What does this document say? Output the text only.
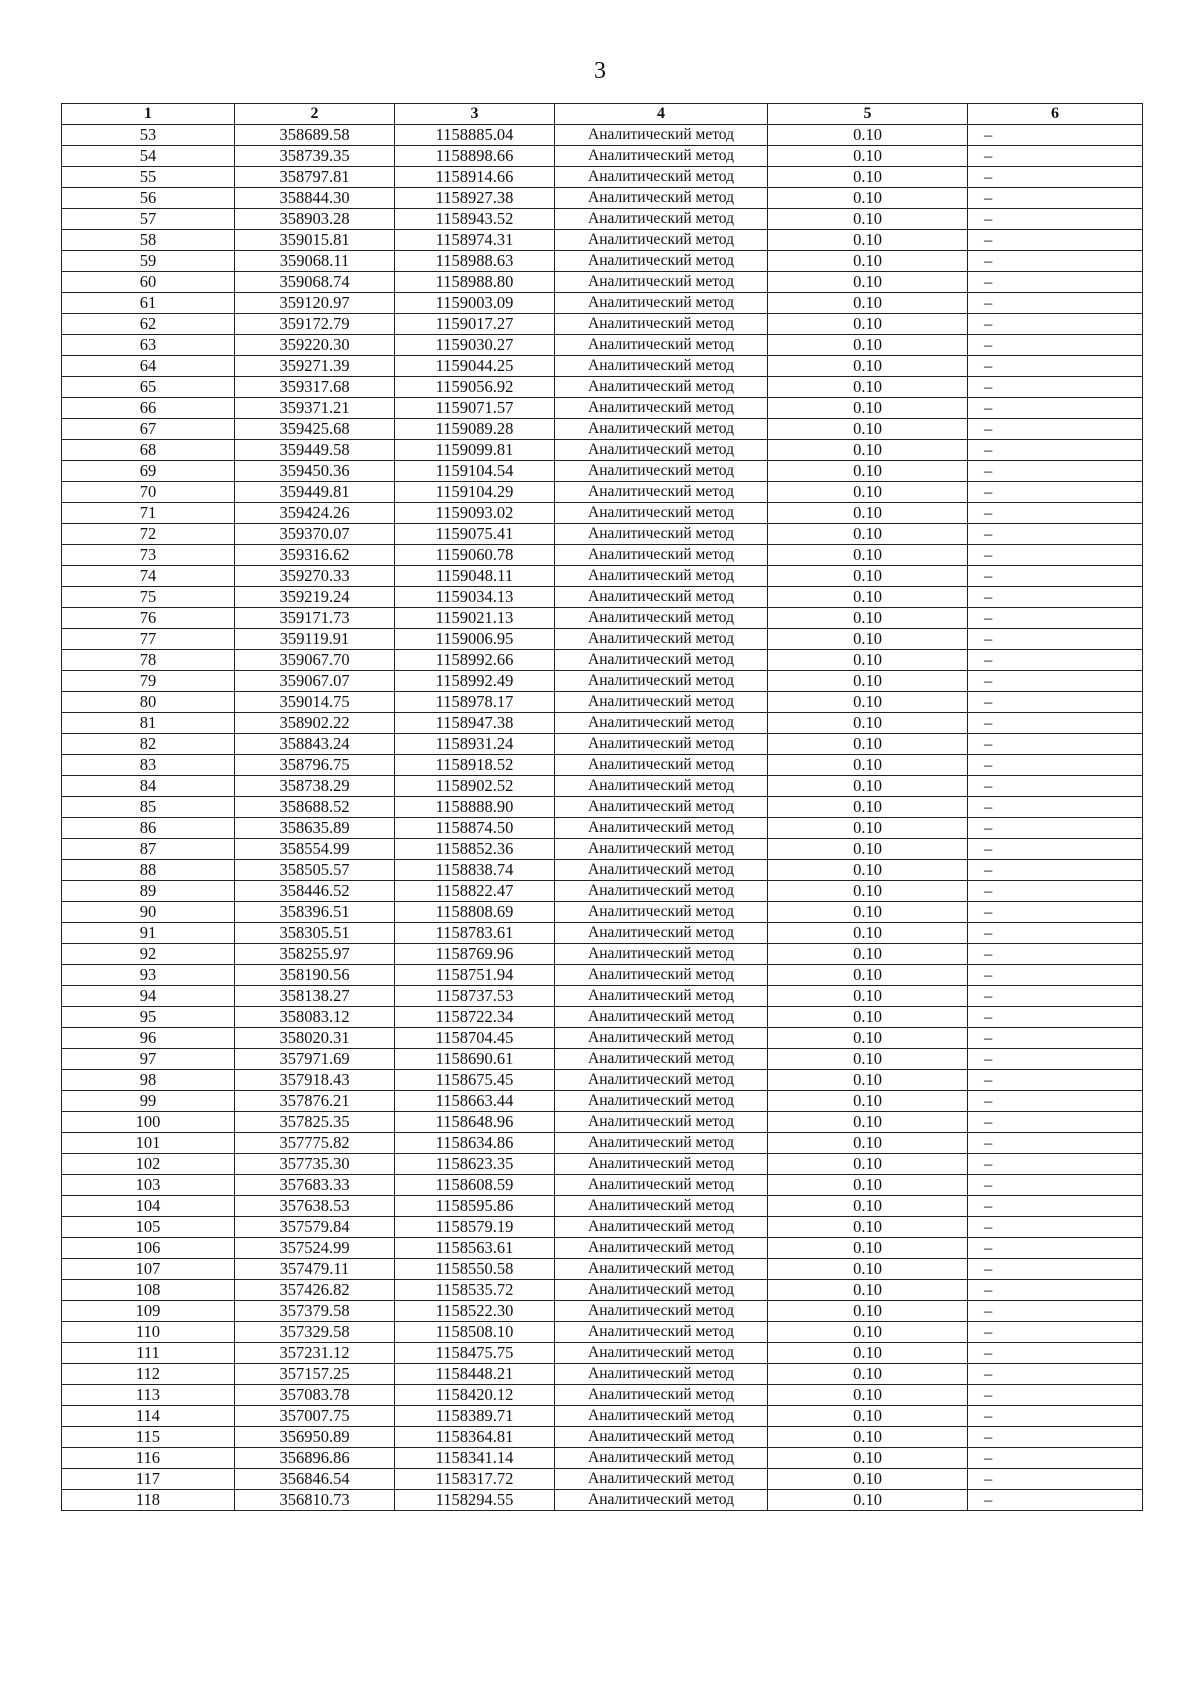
3
1	2	3	4	5	6
53	358689.58	1158885.04	Аналитический метод	0.10	–
54	358739.35	1158898.66	Аналитический метод	0.10	–
55	358797.81	1158914.66	Аналитический метод	0.10	–
56	358844.30	1158927.38	Аналитический метод	0.10	–
57	358903.28	1158943.52	Аналитический метод	0.10	–
58	359015.81	1158974.31	Аналитический метод	0.10	–
59	359068.11	1158988.63	Аналитический метод	0.10	–
60	359068.74	1158988.80	Аналитический метод	0.10	–
61	359120.97	1159003.09	Аналитический метод	0.10	–
62	359172.79	1159017.27	Аналитический метод	0.10	–
63	359220.30	1159030.27	Аналитический метод	0.10	–
64	359271.39	1159044.25	Аналитический метод	0.10	–
65	359317.68	1159056.92	Аналитический метод	0.10	–
66	359371.21	1159071.57	Аналитический метод	0.10	–
67	359425.68	1159089.28	Аналитический метод	0.10	–
68	359449.58	1159099.81	Аналитический метод	0.10	–
69	359450.36	1159104.54	Аналитический метод	0.10	–
70	359449.81	1159104.29	Аналитический метод	0.10	–
71	359424.26	1159093.02	Аналитический метод	0.10	–
72	359370.07	1159075.41	Аналитический метод	0.10	–
73	359316.62	1159060.78	Аналитический метод	0.10	–
74	359270.33	1159048.11	Аналитический метод	0.10	–
75	359219.24	1159034.13	Аналитический метод	0.10	–
76	359171.73	1159021.13	Аналитический метод	0.10	–
77	359119.91	1159006.95	Аналитический метод	0.10	–
78	359067.70	1158992.66	Аналитический метод	0.10	–
79	359067.07	1158992.49	Аналитический метод	0.10	–
80	359014.75	1158978.17	Аналитический метод	0.10	–
81	358902.22	1158947.38	Аналитический метод	0.10	–
82	358843.24	1158931.24	Аналитический метод	0.10	–
83	358796.75	1158918.52	Аналитический метод	0.10	–
84	358738.29	1158902.52	Аналитический метод	0.10	–
85	358688.52	1158888.90	Аналитический метод	0.10	–
86	358635.89	1158874.50	Аналитический метод	0.10	–
87	358554.99	1158852.36	Аналитический метод	0.10	–
88	358505.57	1158838.74	Аналитический метод	0.10	–
89	358446.52	1158822.47	Аналитический метод	0.10	–
90	358396.51	1158808.69	Аналитический метод	0.10	–
91	358305.51	1158783.61	Аналитический метод	0.10	–
92	358255.97	1158769.96	Аналитический метод	0.10	–
93	358190.56	1158751.94	Аналитический метод	0.10	–
94	358138.27	1158737.53	Аналитический метод	0.10	–
95	358083.12	1158722.34	Аналитический метод	0.10	–
96	358020.31	1158704.45	Аналитический метод	0.10	–
97	357971.69	1158690.61	Аналитический метод	0.10	–
98	357918.43	1158675.45	Аналитический метод	0.10	–
99	357876.21	1158663.44	Аналитический метод	0.10	–
100	357825.35	1158648.96	Аналитический метод	0.10	–
101	357775.82	1158634.86	Аналитический метод	0.10	–
102	357735.30	1158623.35	Аналитический метод	0.10	–
103	357683.33	1158608.59	Аналитический метод	0.10	–
104	357638.53	1158595.86	Аналитический метод	0.10	–
105	357579.84	1158579.19	Аналитический метод	0.10	–
106	357524.99	1158563.61	Аналитический метод	0.10	–
107	357479.11	1158550.58	Аналитический метод	0.10	–
108	357426.82	1158535.72	Аналитический метод	0.10	–
109	357379.58	1158522.30	Аналитический метод	0.10	–
110	357329.58	1158508.10	Аналитический метод	0.10	–
111	357231.12	1158475.75	Аналитический метод	0.10	–
112	357157.25	1158448.21	Аналитический метод	0.10	–
113	357083.78	1158420.12	Аналитический метод	0.10	–
114	357007.75	1158389.71	Аналитический метод	0.10	–
115	356950.89	1158364.81	Аналитический метод	0.10	–
116	356896.86	1158341.14	Аналитический метод	0.10	–
117	356846.54	1158317.72	Аналитический метод	0.10	–
118	356810.73	1158294.55	Аналитический метод	0.10	–
